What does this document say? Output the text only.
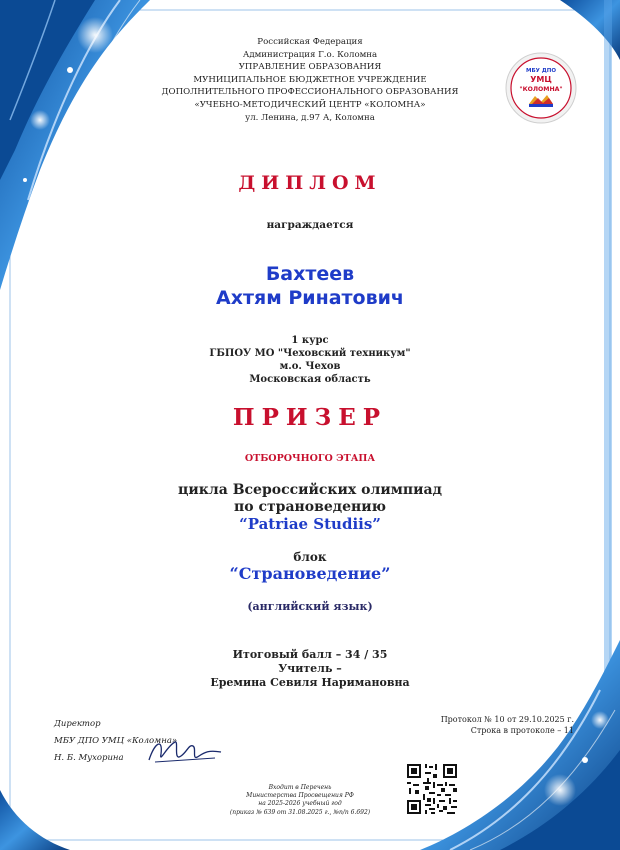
Российская Федерация
Администрация Г.о. Коломна
УПРАВЛЕНИЕ ОБРАЗОВАНИЯ
МУНИЦИПАЛЬНОЕ БЮДЖЕТНОЕ УЧРЕЖДЕНИЕ
ДОПОЛНИТЕЛЬНОГО ПРОФЕССИОНАЛЬНОГО ОБРАЗОВАНИЯ
«УЧЕБНО-МЕТОДИЧЕСКИЙ ЦЕНТР «КОЛОМНА»
ул. Ленина, д.97 А, Коломна
МБУ ДПО
УМЦ
"КОЛОМНА"
ДИПЛОМ
награждается
Бахтеев
Ахтям Ринатович
1 курс
ГБПОУ МО "Чеховский техникум"
м.о. Чехов
Московская область
ПРИЗЕР
ОТБОРОЧНОГО ЭТАПА
цикла Всероссийских олимпиад
по страноведению
“Patriae Studiis”
блок
“Страноведение”
(английский язык)
Итоговый балл – 34 / 35
Учитель –
Еремина Севиля Наримановна
Директор
МБУ ДПО УМЦ «Коломна»
Н. Б. Мухорина
Протокол № 10 от 29.10.2025 г.
Строка в протоколе – 11
Входит в Перечень
Министерства Просвещения РФ
на 2025-2026 учебный год
(приказ № 639 от 31.08.2025 г., №п/п 6.692)
